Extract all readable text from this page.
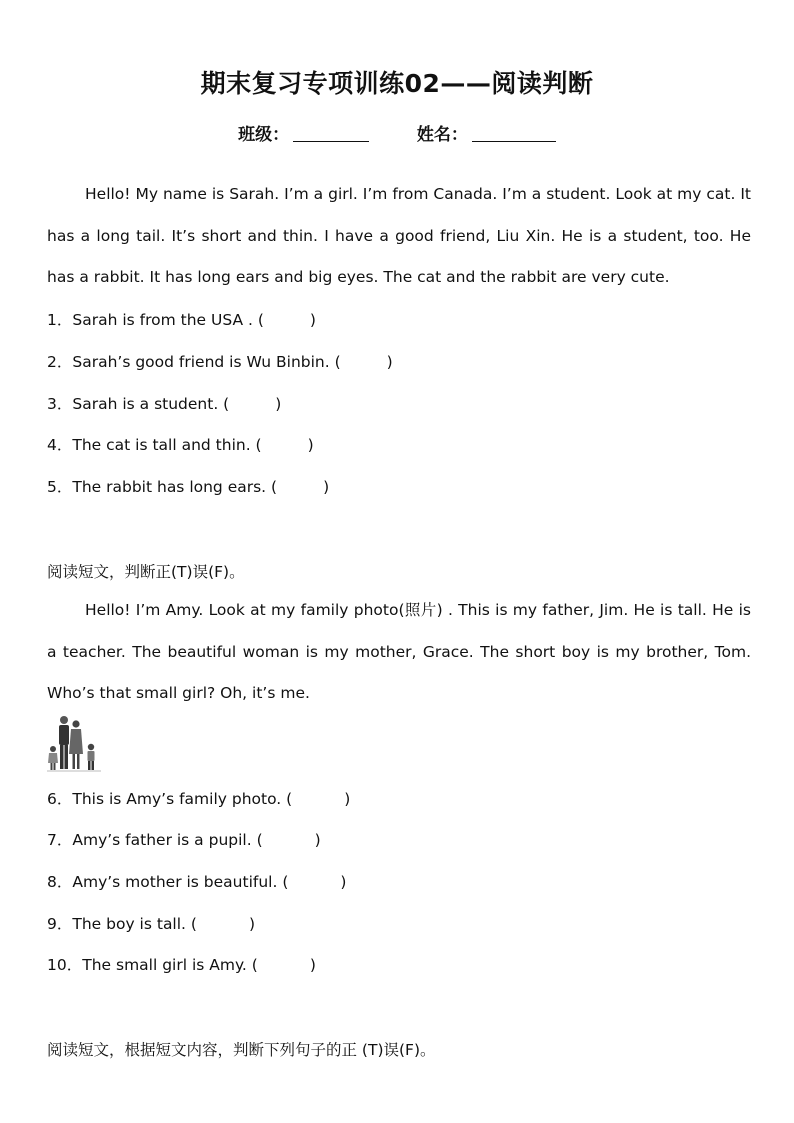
期末复习专项训练02——阅读判断
班级：	姓名：
Hello! My name is Sarah. I’m a girl. I’m from Canada. I’m a student. Look at my cat. It has a long tail. It’s short and thin. I have a good friend, Liu Xin. He is a student, too. He has a rabbit. It has long ears and big eyes. The cat and the rabbit are very cute.
1．Sarah is from the USA . (	)
2．Sarah’s good friend is Wu Binbin. (	)
3．Sarah is a student. (	)
4．The cat is tall and thin. (	)
5．The rabbit has long ears. (	)
阅读短文，判断正(T)误(F)。
Hello! I’m Amy. Look at my family photo(照片) . This is my father, Jim. He is tall. He is a teacher. The beautiful woman is my mother, Grace. The short boy is my brother, Tom. Who’s that small girl? Oh, it’s me.
6．This is Amy’s family photo. (	)
7．Amy’s father is a pupil. (	)
8．Amy’s mother is beautiful. (	)
9．The boy is tall. (	)
10．The small girl is Amy. (	)
阅读短文，根据短文内容，判断下列句子的正 (T)误(F)。
